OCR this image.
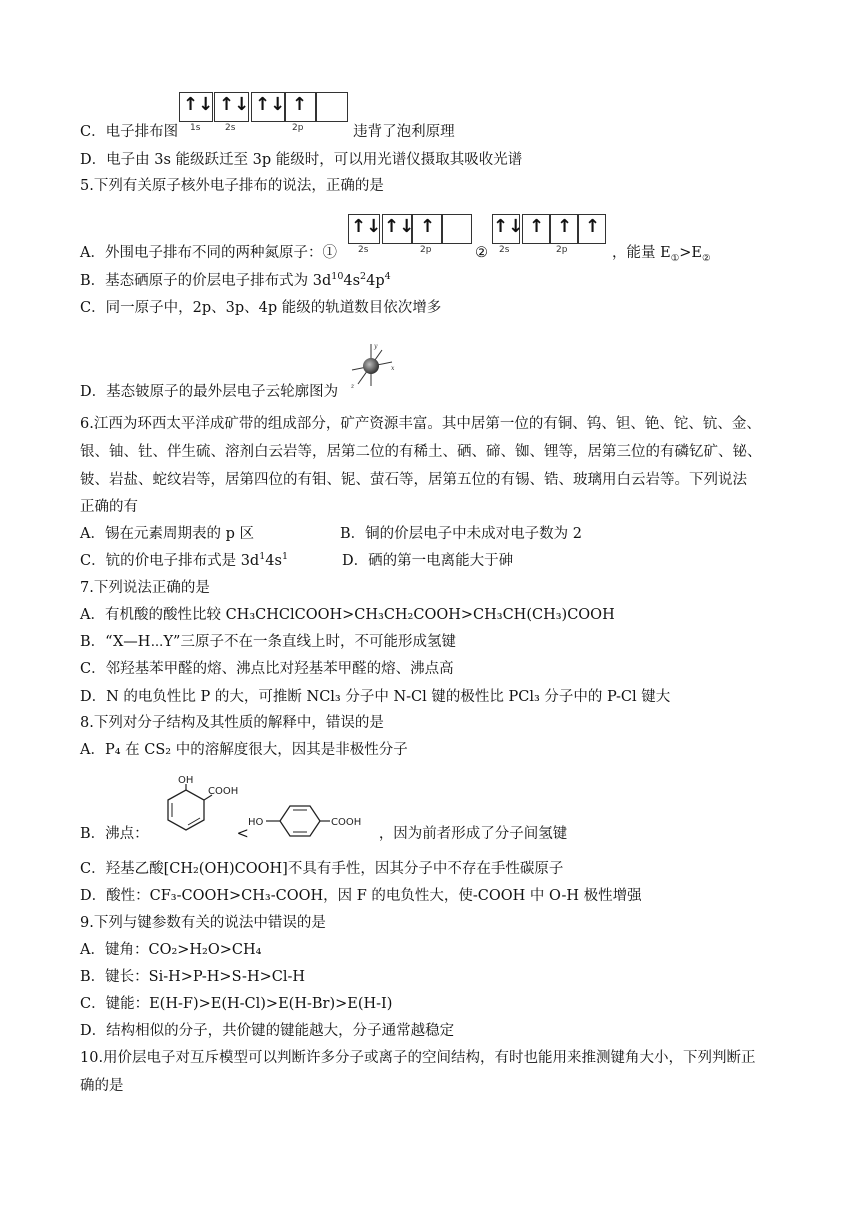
↑↓ ↑↓ ↑↓ ↑
1s	2s	2p
C．电子排布图	违背了泡利原理
D．电子由 3s 能级跃迁至 3p 能级时，可以用光谱仪摄取其吸收光谱
5.下列有关原子核外电子排布的说法，正确的是
↑↓ ↑↓ ↑
2s	2p
↑↓ ↑ ↑ ↑
2s	2p
A．外围电子排布不同的两种氮原子：①	②	，能量 $E_①>E_②$
B．基态硒原子的价层电子排布式为 $3d^{10}4s^24p^4$
C．同一原子中，2p、3p、4p 能级的轨道数目依次增多
y
x
z
D．基态铍原子的最外层电子云轮廓图为
6.江西为环西太平洋成矿带的组成部分，矿产资源丰富。其中居第一位的有铜、钨、钽、铯、铊、钪、金、
银、铀、钍、伴生硫、溶剂白云岩等，居第二位的有稀土、硒、碲、铷、锂等，居第三位的有磷钇矿、铋、
铍、岩盐、蛇纹岩等，居第四位的有钼、铌、萤石等，居第五位的有锡、锆、玻璃用白云岩等。下列说法
正确的有
A．锡在元素周期表的 p 区	B．铜的价层电子中未成对电子数为 2
C．钪的价电子排布式是 $3d^14s^1$	D．硒的第一电离能大于砷
7.下列说法正确的是
A．有机酸的酸性比较 CH₃CHClCOOH>CH₃CH₂COOH>CH₃CH(CH₃)COOH
B．“X—H⋯Y”三原子不在一条直线上时，不可能形成氢键
C．邻羟基苯甲醛的熔、沸点比对羟基苯甲醛的熔、沸点高
D．N 的电负性比 P 的大，可推断 NCl₃ 分子中 N-Cl 键的极性比 PCl₃ 分子中的 P-Cl 键大
8.下列对分子结构及其性质的解释中，错误的是
A．P₄ 在 CS₂ 中的溶解度很大，因其是非极性分子
OH
COOH
HO	COOH
B．沸点：	<	，因为前者形成了分子间氢键
C．羟基乙酸[CH₂(OH)COOH]不具有手性，因其分子中不存在手性碳原子
D．酸性：CF₃-COOH>CH₃-COOH，因 F 的电负性大，使-COOH 中 O-H 极性增强
9.下列与键参数有关的说法中错误的是
A．键角：CO₂>H₂O>CH₄
B．键长：Si-H>P-H>S-H>Cl-H
C．键能：E(H-F)>E(H-Cl)>E(H-Br)>E(H-I)
D．结构相似的分子，共价键的键能越大，分子通常越稳定
10.用价层电子对互斥模型可以判断许多分子或离子的空间结构，有时也能用来推测键角大小，下列判断正
确的是
